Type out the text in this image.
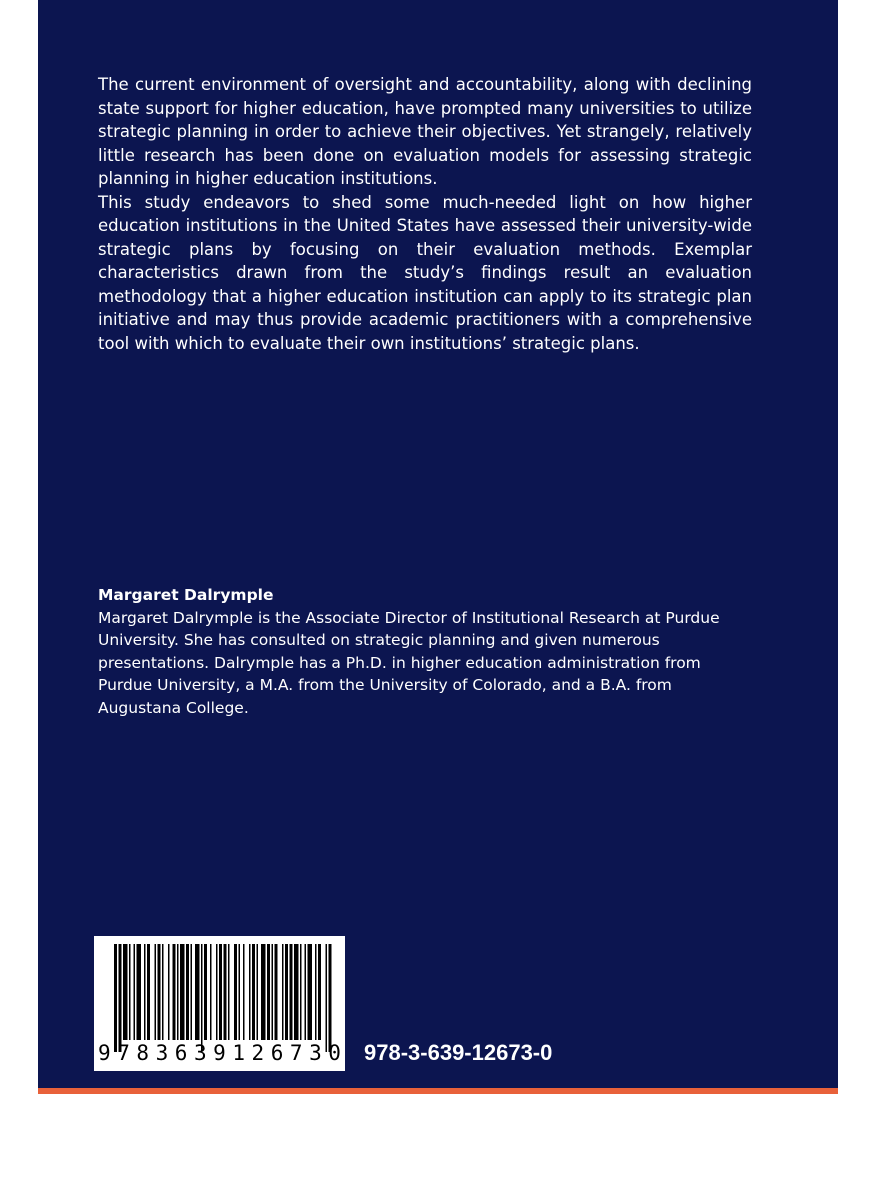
The current environment of oversight and accountability, along with declining state support for higher education, have prompted many universities to utilize strategic planning in order to achieve their objectives. Yet strangely, relatively little research has been done on evaluation models for assessing strategic planning in higher education institutions.

This study endeavors to shed some much-needed light on how higher education institutions in the United States have assessed their university-wide strategic plans by focusing on their evaluation methods. Exemplar characteristics drawn from the study’s findings result an evaluation methodology that a higher education institution can apply to its strategic plan initiative and may thus provide academic practitioners with a comprehensive tool with which to evaluate their own institutions’ strategic plans.

Margaret Dalrymple

Margaret Dalrymple is the Associate Director of Institutional Research at Purdue University. She has consulted on strategic planning and given numerous presentations. Dalrymple has a Ph.D. in higher education administration from Purdue University, a M.A. from the University of Colorado, and a B.A. from Augustana College.

9 7 8 3 6 3 9 1 2 6 7 3 0 978-3-639-12673-0
